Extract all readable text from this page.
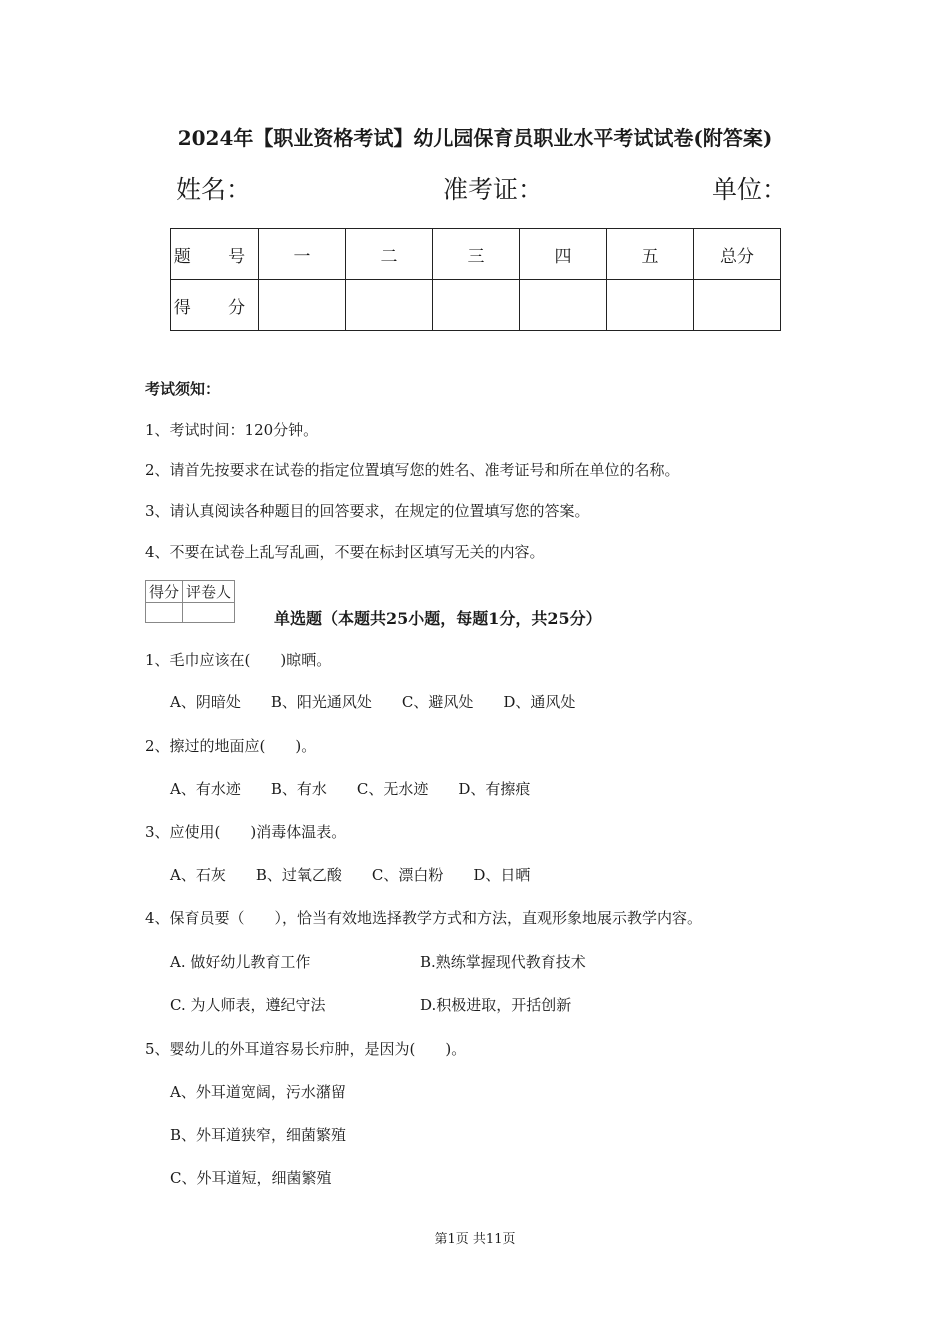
2024年【职业资格考试】幼儿园保育员职业水平考试试卷(附答案)
姓名：	准考证：	单位：
题　号	一	二	三	四	五	总分
得　分						
考试须知：
1、考试时间：120分钟。
2、请首先按要求在试卷的指定位置填写您的姓名、准考证号和所在单位的名称。
3、请认真阅读各种题目的回答要求，在规定的位置填写您的答案。
4、不要在试卷上乱写乱画，不要在标封区填写无关的内容。
得分	评卷人

单选题（本题共25小题，每题1分，共25分）
1、毛巾应该在(　　)晾晒。
A、阴暗处　　B、阳光通风处　　C、避风处　　D、通风处
2、擦过的地面应(　　)。
A、有水迹　　B、有水　　C、无水迹　　D、有擦痕
3、应使用(　　)消毒体温表。
A、石灰　　B、过氧乙酸　　C、漂白粉　　D、日晒
4、保育员要（　　），恰当有效地选择教学方式和方法，直观形象地展示教学内容。
A. 做好幼儿教育工作	B.熟练掌握现代教育技术
C. 为人师表，遵纪守法	D.积极进取，开括创新
5、婴幼儿的外耳道容易长疖肿，是因为(　　)。
A、外耳道宽阔，污水潴留
B、外耳道狭窄，细菌繁殖
C、外耳道短，细菌繁殖
第1页 共11页
